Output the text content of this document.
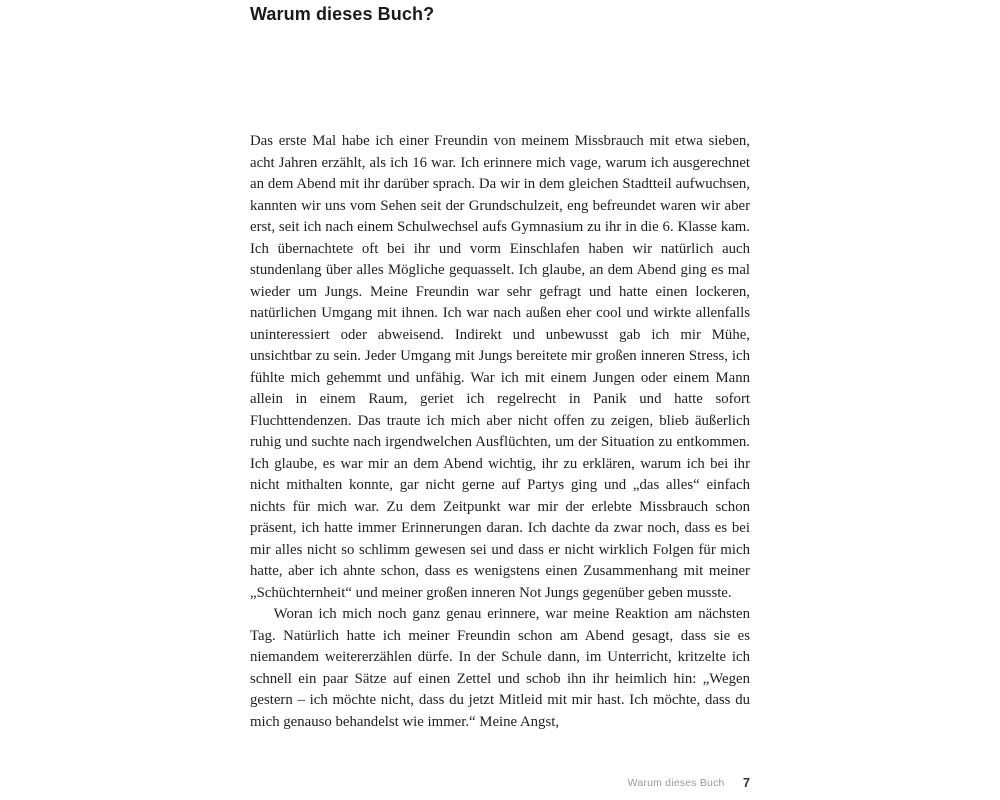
Warum dieses Buch?

Das erste Mal habe ich einer Freundin von meinem Missbrauch mit etwa sieben, acht Jahren erzählt, als ich 16 war. Ich erinnere mich vage, warum ich ausgerechnet an dem Abend mit ihr darüber sprach. Da wir in dem gleichen Stadtteil aufwuchsen, kannten wir uns vom Sehen seit der Grundschulzeit, eng befreundet waren wir aber erst, seit ich nach einem Schulwechsel aufs Gymnasium zu ihr in die 6. Klasse kam. Ich übernachtete oft bei ihr und vorm Einschlafen haben wir natürlich auch stundenlang über alles Mögliche gequasselt. Ich glaube, an dem Abend ging es mal wieder um Jungs. Meine Freundin war sehr gefragt und hatte einen lockeren, natürlichen Umgang mit ihnen. Ich war nach außen eher cool und wirkte allenfalls uninteressiert oder abweisend. Indirekt und unbewusst gab ich mir Mühe, unsichtbar zu sein. Jeder Umgang mit Jungs bereitete mir großen inneren Stress, ich fühlte mich gehemmt und unfähig. War ich mit einem Jungen oder einem Mann allein in einem Raum, geriet ich regelrecht in Panik und hatte sofort Fluchttendenzen. Das traute ich mich aber nicht offen zu zeigen, blieb äußerlich ruhig und suchte nach irgendwelchen Ausflüchten, um der Situation zu entkommen. Ich glaube, es war mir an dem Abend wichtig, ihr zu erklären, warum ich bei ihr nicht mithalten konnte, gar nicht gerne auf Partys ging und „das alles“ einfach nichts für mich war. Zu dem Zeitpunkt war mir der erlebte Missbrauch schon präsent, ich hatte immer Erinnerungen daran. Ich dachte da zwar noch, dass es bei mir alles nicht so schlimm gewesen sei und dass er nicht wirklich Folgen für mich hatte, aber ich ahnte schon, dass es wenigstens einen Zusammenhang mit meiner „Schüchternheit“ und meiner großen inneren Not Jungs gegenüber geben musste.

Woran ich mich noch ganz genau erinnere, war meine Reaktion am nächsten Tag. Natürlich hatte ich meiner Freundin schon am Abend gesagt, dass sie es niemandem weitererzählen dürfe. In der Schule dann, im Unterricht, kritzelte ich schnell ein paar Sätze auf einen Zettel und schob ihn ihr heimlich hin: „Wegen gestern – ich möchte nicht, dass du jetzt Mitleid mit mir hast. Ich möchte, dass du mich genauso behandelst wie immer.“ Meine Angst,

Warum dieses Buch 7
